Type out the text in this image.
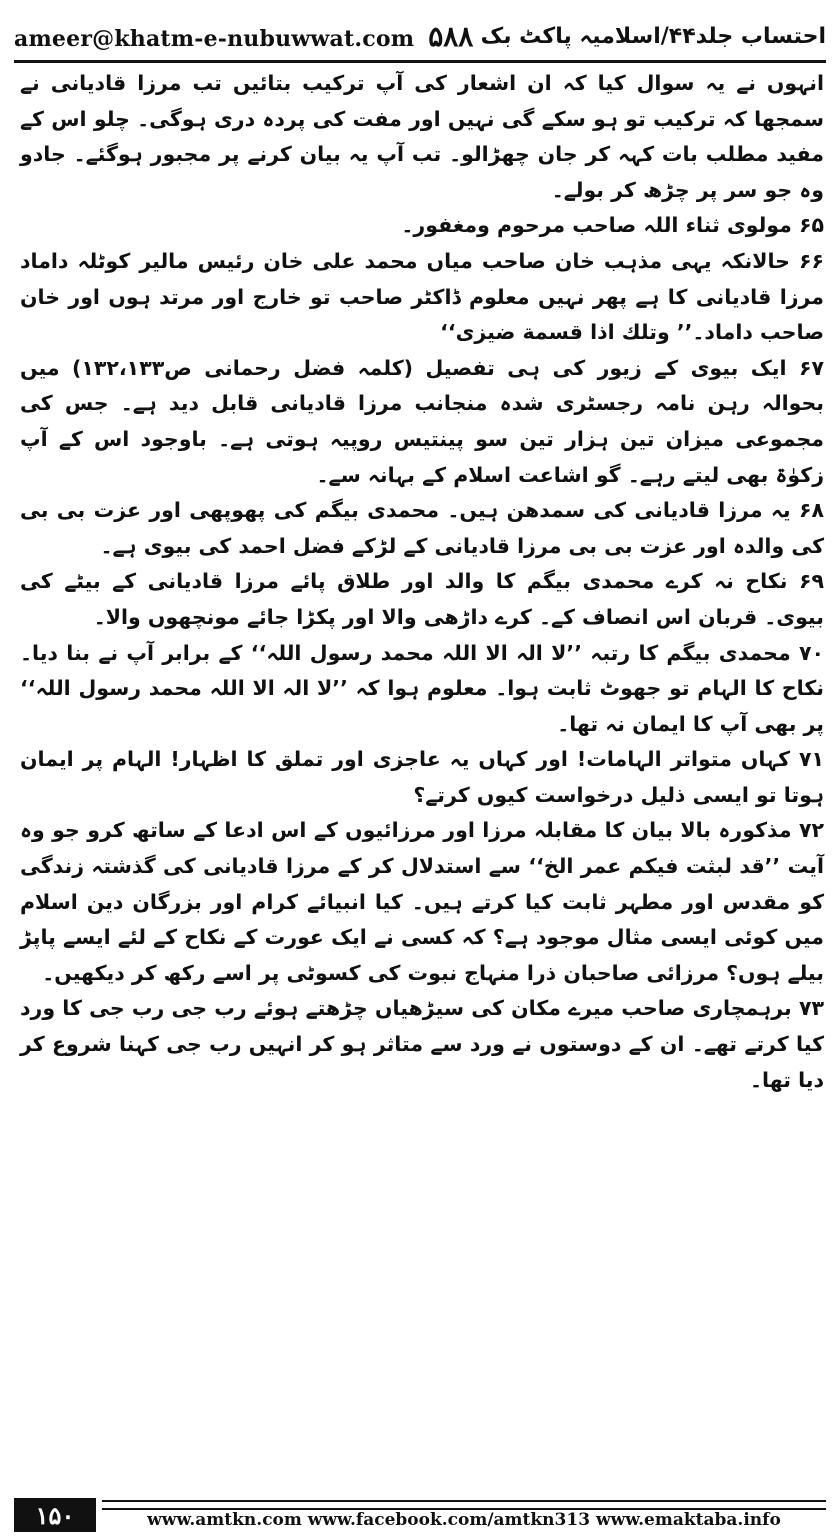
ameer@khatm-e-nubuwwat.com ۵۸۸ احتساب جلد۴۴/اسلامیہ پاکٹ بک

انہوں نے یہ سوال کیا کہ ان اشعار کی آپ ترکیب بتائیں تب مرزا قادیانی نے سمجھا کہ ترکیب تو ہو سکے گی نہیں اور مفت کی پردہ دری ہوگی۔ چلو اس کے مفید مطلب بات کہہ کر جان چھڑالو۔ تب آپ یہ بیان کرنے پر مجبور ہوگئے۔ جادو وہ جو سر پر چڑھ کر بولے۔

۶۵ مولوی ثناء اللہ صاحب مرحوم ومغفور۔

۶۶ حالانکہ یہی مذہب خان صاحب میاں محمد علی خان رئیس مالیر کوٹلہ داماد مرزا قادیانی کا ہے پھر نہیں معلوم ڈاکٹر صاحب تو خارج اور مرتد ہوں اور خان صاحب داماد۔’’ وتلك اذا قسمة ضیزی‘‘

۶۷ ایک بیوی کے زیور کی ہی تفصیل (کلمہ فضل رحمانی ص۱۳۲،۱۳۳) میں بحوالہ رہن نامہ رجسٹری شدہ منجانب مرزا قادیانی قابل دید ہے۔ جس کی مجموعی میزان تین ہزار تین سو پینتیس روپیہ ہوتی ہے۔ باوجود اس کے آپ زکوٰۃ بھی لیتے رہے۔ گو اشاعت اسلام کے بہانہ سے۔

۶۸ یہ مرزا قادیانی کی سمدھن ہیں۔ محمدی بیگم کی پھوپھی اور عزت بی بی کی والدہ اور عزت بی بی مرزا قادیانی کے لڑکے فضل احمد کی بیوی ہے۔

۶۹ نکاح نہ کرے محمدی بیگم کا والد اور طلاق پائے مرزا قادیانی کے بیٹے کی بیوی۔ قربان اس انصاف کے۔ کرے داڑھی والا اور پکڑا جائے مونچھوں والا۔

۷۰ محمدی بیگم کا رتبہ ’’لا الہ الا اللہ محمد رسول اللہ‘‘ کے برابر آپ نے بنا دیا۔ نکاح کا الہام تو جھوٹ ثابت ہوا۔ معلوم ہوا کہ ’’لا الہ الا اللہ محمد رسول اللہ‘‘ پر بھی آپ کا ایمان نہ تھا۔

۷۱ کہاں متواتر الہامات! اور کہاں یہ عاجزی اور تملق کا اظہار! الہام پر ایمان ہوتا تو ایسی ذلیل درخواست کیوں کرتے؟

۷۲ مذکورہ بالا بیان کا مقابلہ مرزا اور مرزائیوں کے اس ادعا کے ساتھ کرو جو وہ آیت ’’قد لبثت فیکم عمر الخ‘‘ سے استدلال کر کے مرزا قادیانی کی گذشتہ زندگی کو مقدس اور مطہر ثابت کیا کرتے ہیں۔ کیا انبیائے کرام اور بزرگان دین اسلام میں کوئی ایسی مثال موجود ہے؟ کہ کسی نے ایک عورت کے نکاح کے لئے ایسے پاپڑ بیلے ہوں؟ مرزائی صاحبان ذرا منہاج نبوت کی کسوٹی پر اسے رکھ کر دیکھیں۔

۷۳ برہمچاری صاحب میرے مکان کی سیڑھیاں چڑھتے ہوئے رب جی رب جی کا ورد کیا کرتے تھے۔ ان کے دوستوں نے ورد سے متاثر ہو کر انہیں رب جی کہنا شروع کر دیا تھا۔

۱۵۰	www.amtkn.com www.facebook.com/amtkn313 www.emaktaba.info
